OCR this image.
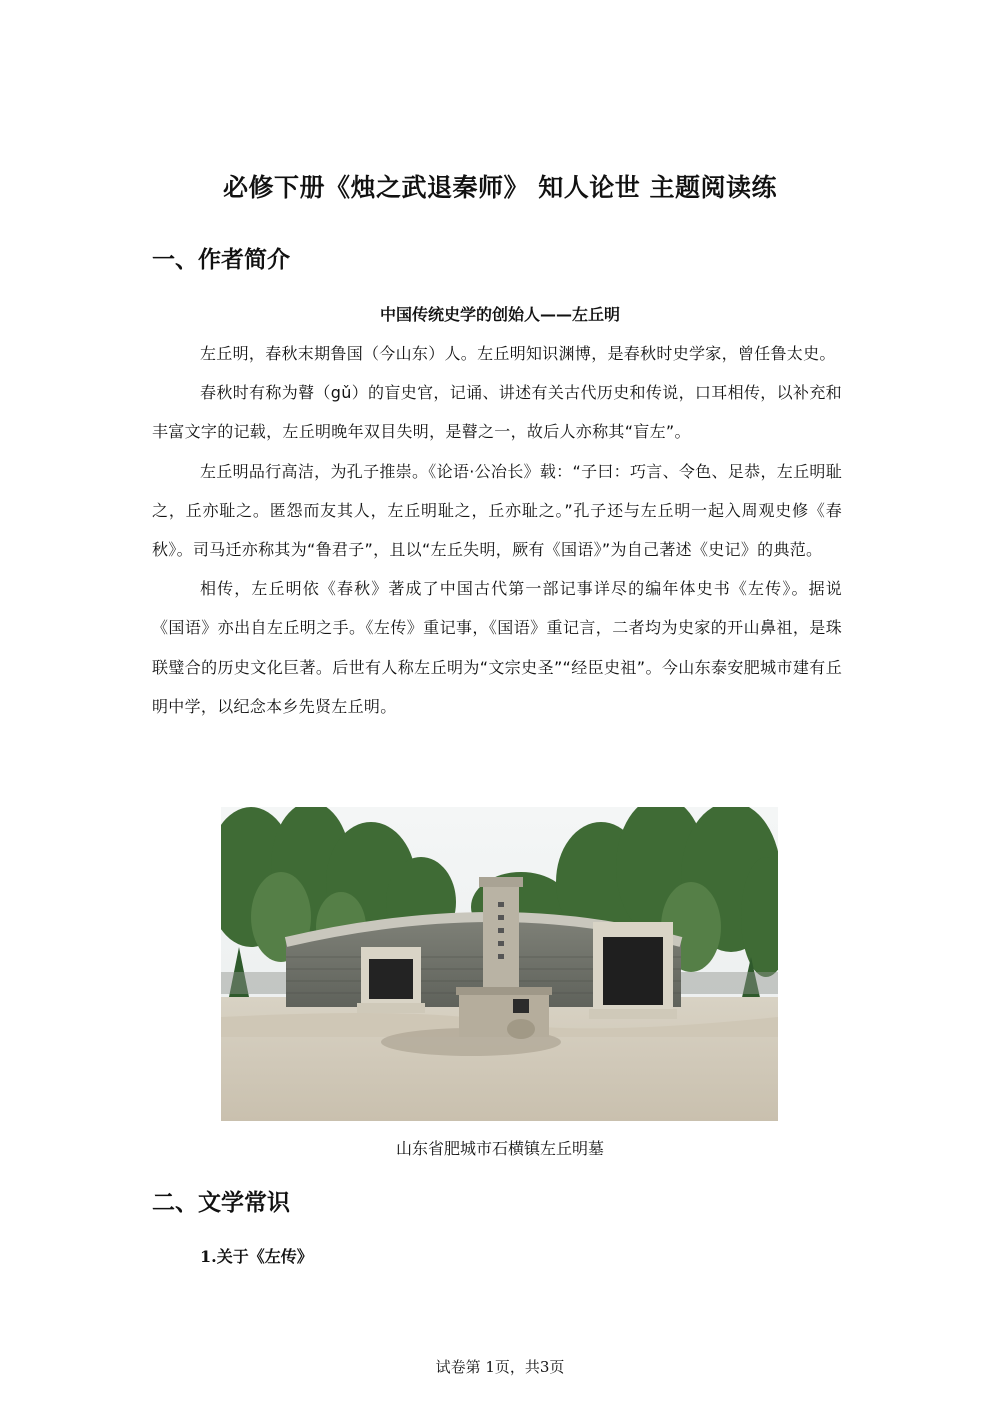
必修下册《烛之武退秦师》 知人论世 主题阅读练
一、作者简介
中国传统史学的创始人——左丘明

左丘明，春秋末期鲁国（今山东）人。左丘明知识渊博，是春秋时史学家，曾任鲁太史。

春秋时有称为瞽（gǔ）的盲史官，记诵、讲述有关古代历史和传说，口耳相传，以补充和丰富文字的记载，左丘明晚年双目失明，是瞽之一，故后人亦称其“盲左”。

左丘明品行高洁，为孔子推崇。《论语·公冶长》载：“子曰：巧言、令色、足恭，左丘明耻之，丘亦耻之。匿怨而友其人，左丘明耻之，丘亦耻之。”孔子还与左丘明一起入周观史修《春秋》。司马迁亦称其为“鲁君子”，且以“左丘失明，厥有《国语》”为自己著述《史记》的典范。

相传，左丘明依《春秋》著成了中国古代第一部记事详尽的编年体史书《左传》。据说《国语》亦出自左丘明之手。《左传》重记事，《国语》重记言，二者均为史家的开山鼻祖，是珠联璧合的历史文化巨著。后世有人称左丘明为“文宗史圣”“经臣史祖”。今山东泰安肥城市建有丘明中学，以纪念本乡先贤左丘明。

山东省肥城市石横镇左丘明墓
二、文学常识
1.关于《左传》
试卷第 1页，共3页
